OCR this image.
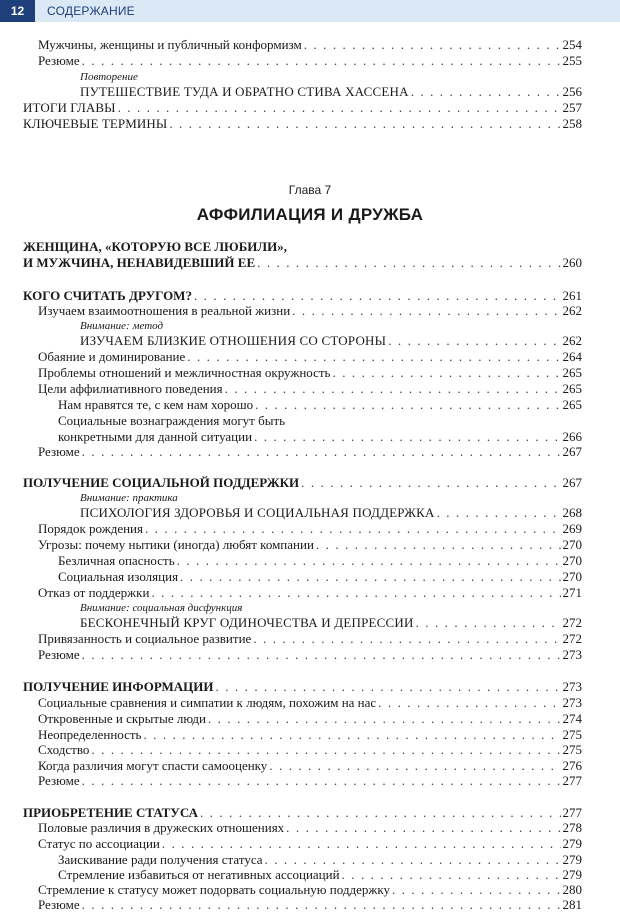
12	СОДЕРЖАНИЕ
Глава 7
АФФИЛИАЦИЯ И ДРУЖБА
Мужчины, женщины и публичный конформизм . . .	254
Резюме . . .	255
Повторение
ПУТЕШЕСТВИЕ ТУДА И ОБРАТНО СТИВА ХАССЕНА . . .	256
ИТОГИ ГЛАВЫ . . .	257
КЛЮЧЕВЫЕ ТЕРМИНЫ . . .	258
ЖЕНЩИНА, «КОТОРУЮ ВСЕ ЛЮБИЛИ»,
И МУЖЧИНА, НЕНАВИДЕВШИЙ ЕЕ . . .	260
КОГО СЧИТАТЬ ДРУГОМ? . . .	261
Изучаем взаимоотношения в реальной жизни . . .	262
Внимание: метод
ИЗУЧАЕМ БЛИЗКИЕ ОТНОШЕНИЯ СО СТОРОНЫ . . .	262
Обаяние и доминирование . . .	264
Проблемы отношений и межличностная окружность . . .	265
Цели аффилиативного поведения . . .	265
Нам нравятся те, с кем нам хорошо . . .	265
Социальные вознаграждения могут быть
конкретными для данной ситуации . . .	266
Резюме . . .	267
ПОЛУЧЕНИЕ СОЦИАЛЬНОЙ ПОДДЕРЖКИ . . .	267
Внимание: практика
ПСИХОЛОГИЯ ЗДОРОВЬЯ И СОЦИАЛЬНАЯ ПОДДЕРЖКА . . .	268
Порядок рождения . . .	269
Угрозы: почему нытики (иногда) любят компании . . .	270
Безличная опасность . . .	270
Социальная изоляция . . .	270
Отказ от поддержки . . .	271
Внимание: социальная дисфункция
БЕСКОНЕЧНЫЙ КРУГ ОДИНОЧЕСТВА И ДЕПРЕССИИ . . .	272
Привязанность и социальное развитие . . .	272
Резюме . . .	273
ПОЛУЧЕНИЕ ИНФОРМАЦИИ . . .	273
Социальные сравнения и симпатии к людям, похожим на нас . . .	273
Откровенные и скрытые люди . . .	274
Неопределенность . . .	275
Сходство . . .	275
Когда различия могут спасти самооценку . . .	276
Резюме . . .	277
ПРИОБРЕТЕНИЕ СТАТУСА . . .	277
Половые различия в дружеских отношениях . . .	278
Статус по ассоциации . . .	279
Заискивание ради получения статуса . . .	279
Стремление избавиться от негативных ассоциаций . . .	279
Стремление к статусу может подорвать социальную поддержку . . .	280
Резюме . . .	281
